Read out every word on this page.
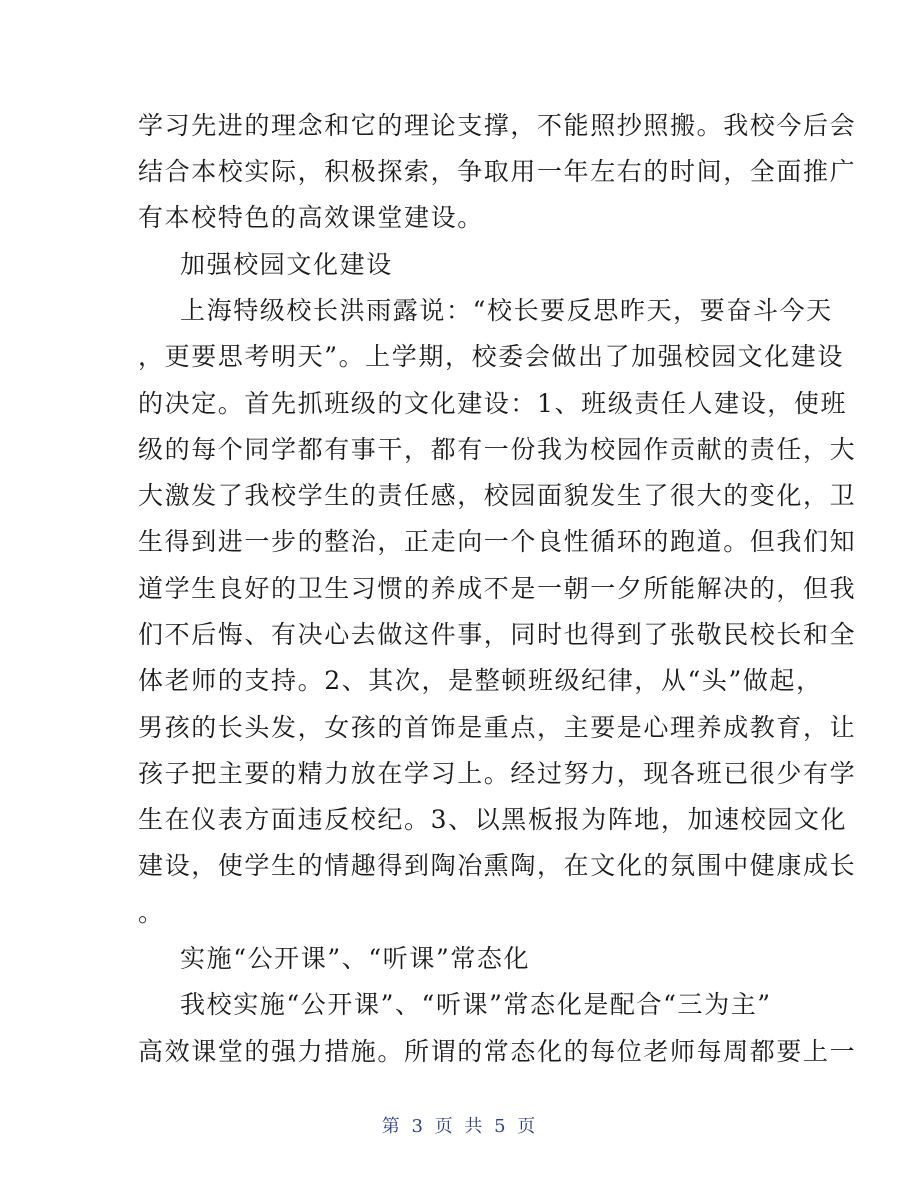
学习先进的理念和它的理论支撑，不能照抄照搬。我校今后会
结合本校实际，积极探索，争取用一年左右的时间，全面推广
有本校特色的高效课堂建设。
加强校园文化建设
上海特级校长洪雨露说：“校长要反思昨天，要奋斗今天
，更要思考明天”。上学期，校委会做出了加强校园文化建设
的决定。首先抓班级的文化建设：1、班级责任人建设，使班
级的每个同学都有事干，都有一份我为校园作贡献的责任，大
大激发了我校学生的责任感，校园面貌发生了很大的变化，卫
生得到进一步的整治，正走向一个良性循环的跑道。但我们知
道学生良好的卫生习惯的养成不是一朝一夕所能解决的，但我
们不后悔、有决心去做这件事，同时也得到了张敬民校长和全
体老师的支持。2、其次，是整顿班级纪律，从“头”做起，
男孩的长头发，女孩的首饰是重点，主要是心理养成教育，让
孩子把主要的精力放在学习上。经过努力，现各班已很少有学
生在仪表方面违反校纪。3、以黑板报为阵地，加速校园文化
建设，使学生的情趣得到陶冶熏陶，在文化的氛围中健康成长
。
实施“公开课”、“听课”常态化
我校实施“公开课”、“听课”常态化是配合“三为主”
高效课堂的强力措施。所谓的常态化的每位老师每周都要上一
第 3 页 共 5 页
